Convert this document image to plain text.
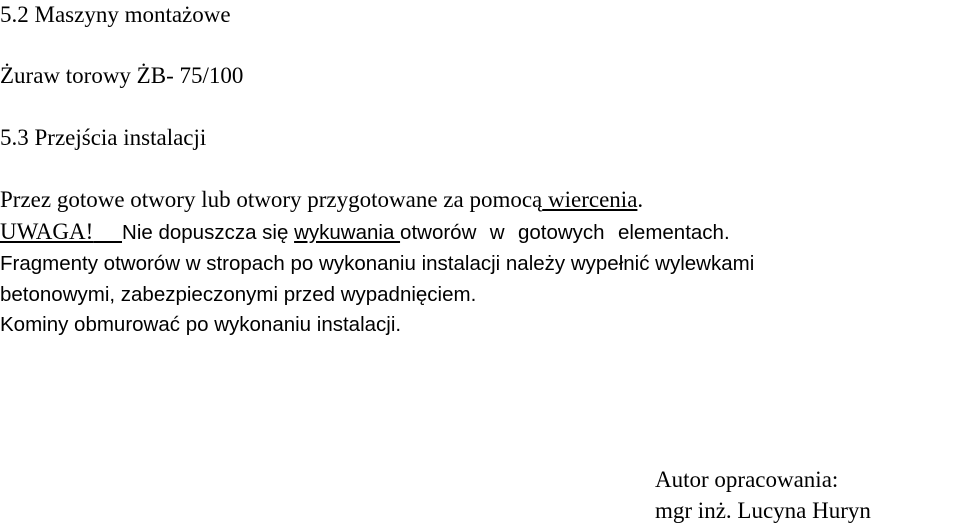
5.2 Maszyny montażowe
Żuraw torowy ŻB- 75/100
5.3 Przejścia instalacji
Przez gotowe otwory lub otwory przygotowane za pomocą wiercenia.
UWAGA! Nie dopuszcza się wykuwania otworów  w  gotowych  elementach.
Fragmenty otworów w stropach po wykonaniu instalacji należy wypełnić wylewkami
betonowymi, zabezpieczonymi przed wypadnięciem.
Kominy obmurować po wykonaniu instalacji.
Autor opracowania:
mgr inż. Lucyna Huryn
